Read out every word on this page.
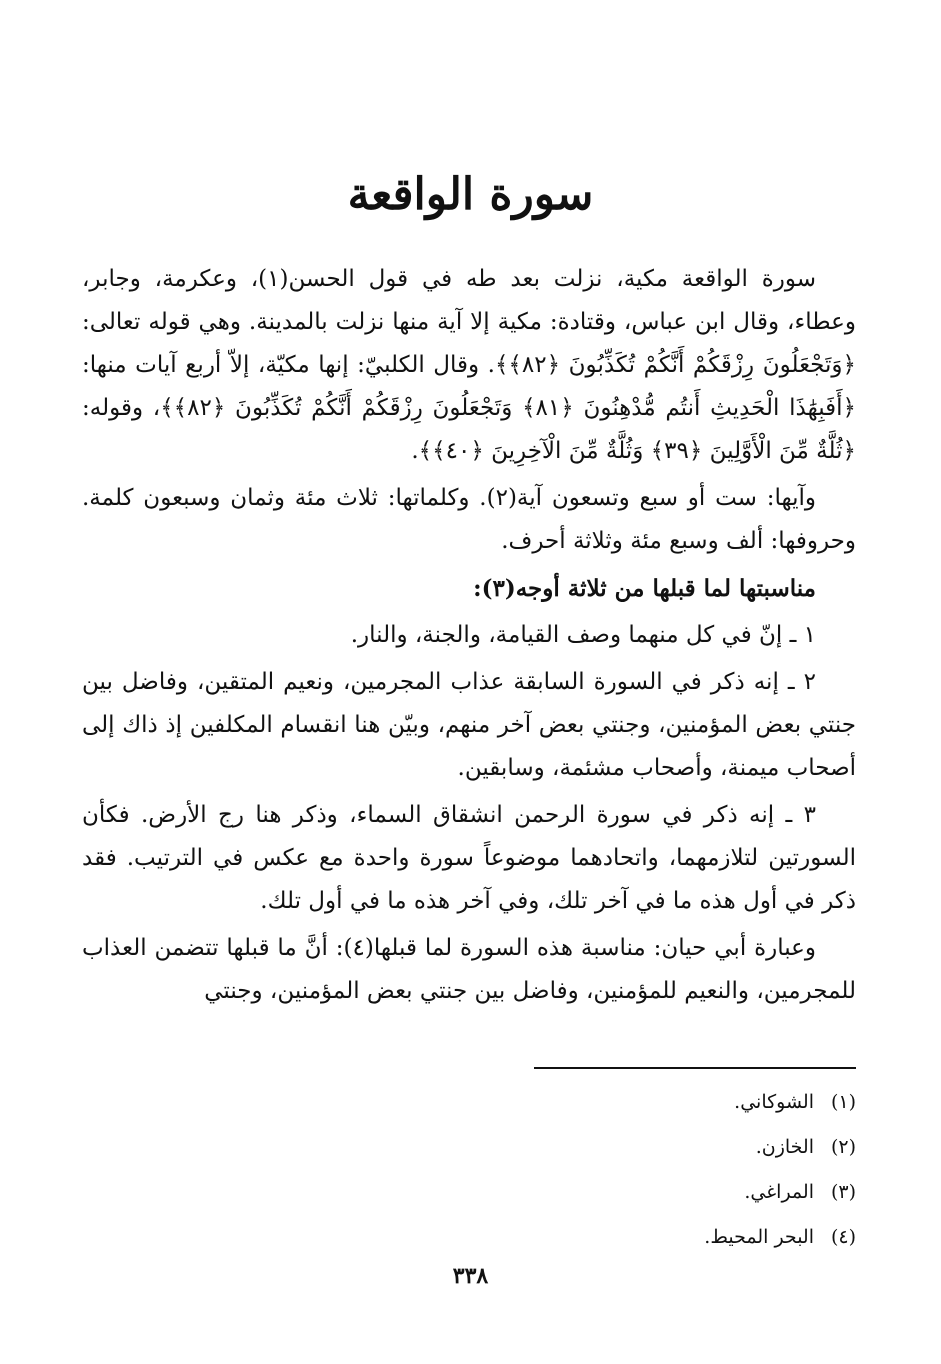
سورة الواقعة

سورة الواقعة مكية، نزلت بعد طه في قول الحسن(١)، وعكرمة، وجابر، وعطاء، وقال ابن عباس، وقتادة: مكية إلا آية منها نزلت بالمدينة. وهي قوله تعالى: ﴿وَتَجْعَلُونَ رِزْقَكُمْ أَنَّكُمْ تُكَذِّبُونَ ﴿٨٢﴾﴾. وقال الكلبيّ: إنها مكيّة، إلاّ أربع آيات منها: ﴿أَفَبِهَٰذَا الْحَدِيثِ أَنتُم مُّدْهِنُونَ ﴿٨١﴾ وَتَجْعَلُونَ رِزْقَكُمْ أَنَّكُمْ تُكَذِّبُونَ ﴿٨٢﴾﴾، وقوله: ﴿ثُلَّةٌ مِّنَ الْأَوَّلِينَ ﴿٣٩﴾ وَثُلَّةٌ مِّنَ الْآخِرِينَ ﴿٤٠﴾﴾.

وآيها: ست أو سبع وتسعون آية(٢). وكلماتها: ثلاث مئة وثمان وسبعون كلمة. وحروفها: ألف وسبع مئة وثلاثة أحرف.

مناسبتها لما قبلها من ثلاثة أوجه(٣):

١ ـ إنّ في كل منهما وصف القيامة، والجنة، والنار.

٢ ـ إنه ذكر في السورة السابقة عذاب المجرمين، ونعيم المتقين، وفاضل بين جنتي بعض المؤمنين، وجنتي بعض آخر منهم، وبيّن هنا انقسام المكلفين إذ ذاك إلى أصحاب ميمنة، وأصحاب مشئمة، وسابقين.

٣ ـ إنه ذكر في سورة الرحمن انشقاق السماء، وذكر هنا رج الأرض. فكأن السورتين لتلازمهما، واتحادهما موضوعاً سورة واحدة مع عكس في الترتيب. فقد ذكر في أول هذه ما في آخر تلك، وفي آخر هذه ما في أول تلك.

وعبارة أبي حيان: مناسبة هذه السورة لما قبلها(٤): أنَّ ما قبلها تتضمن العذاب للمجرمين، والنعيم للمؤمنين، وفاضل بين جنتي بعض المؤمنين، وجنتي

(١)الشوكاني.
(٢)الخازن.
(٣)المراغي.
(٤)البحر المحيط.
٣٣٨
